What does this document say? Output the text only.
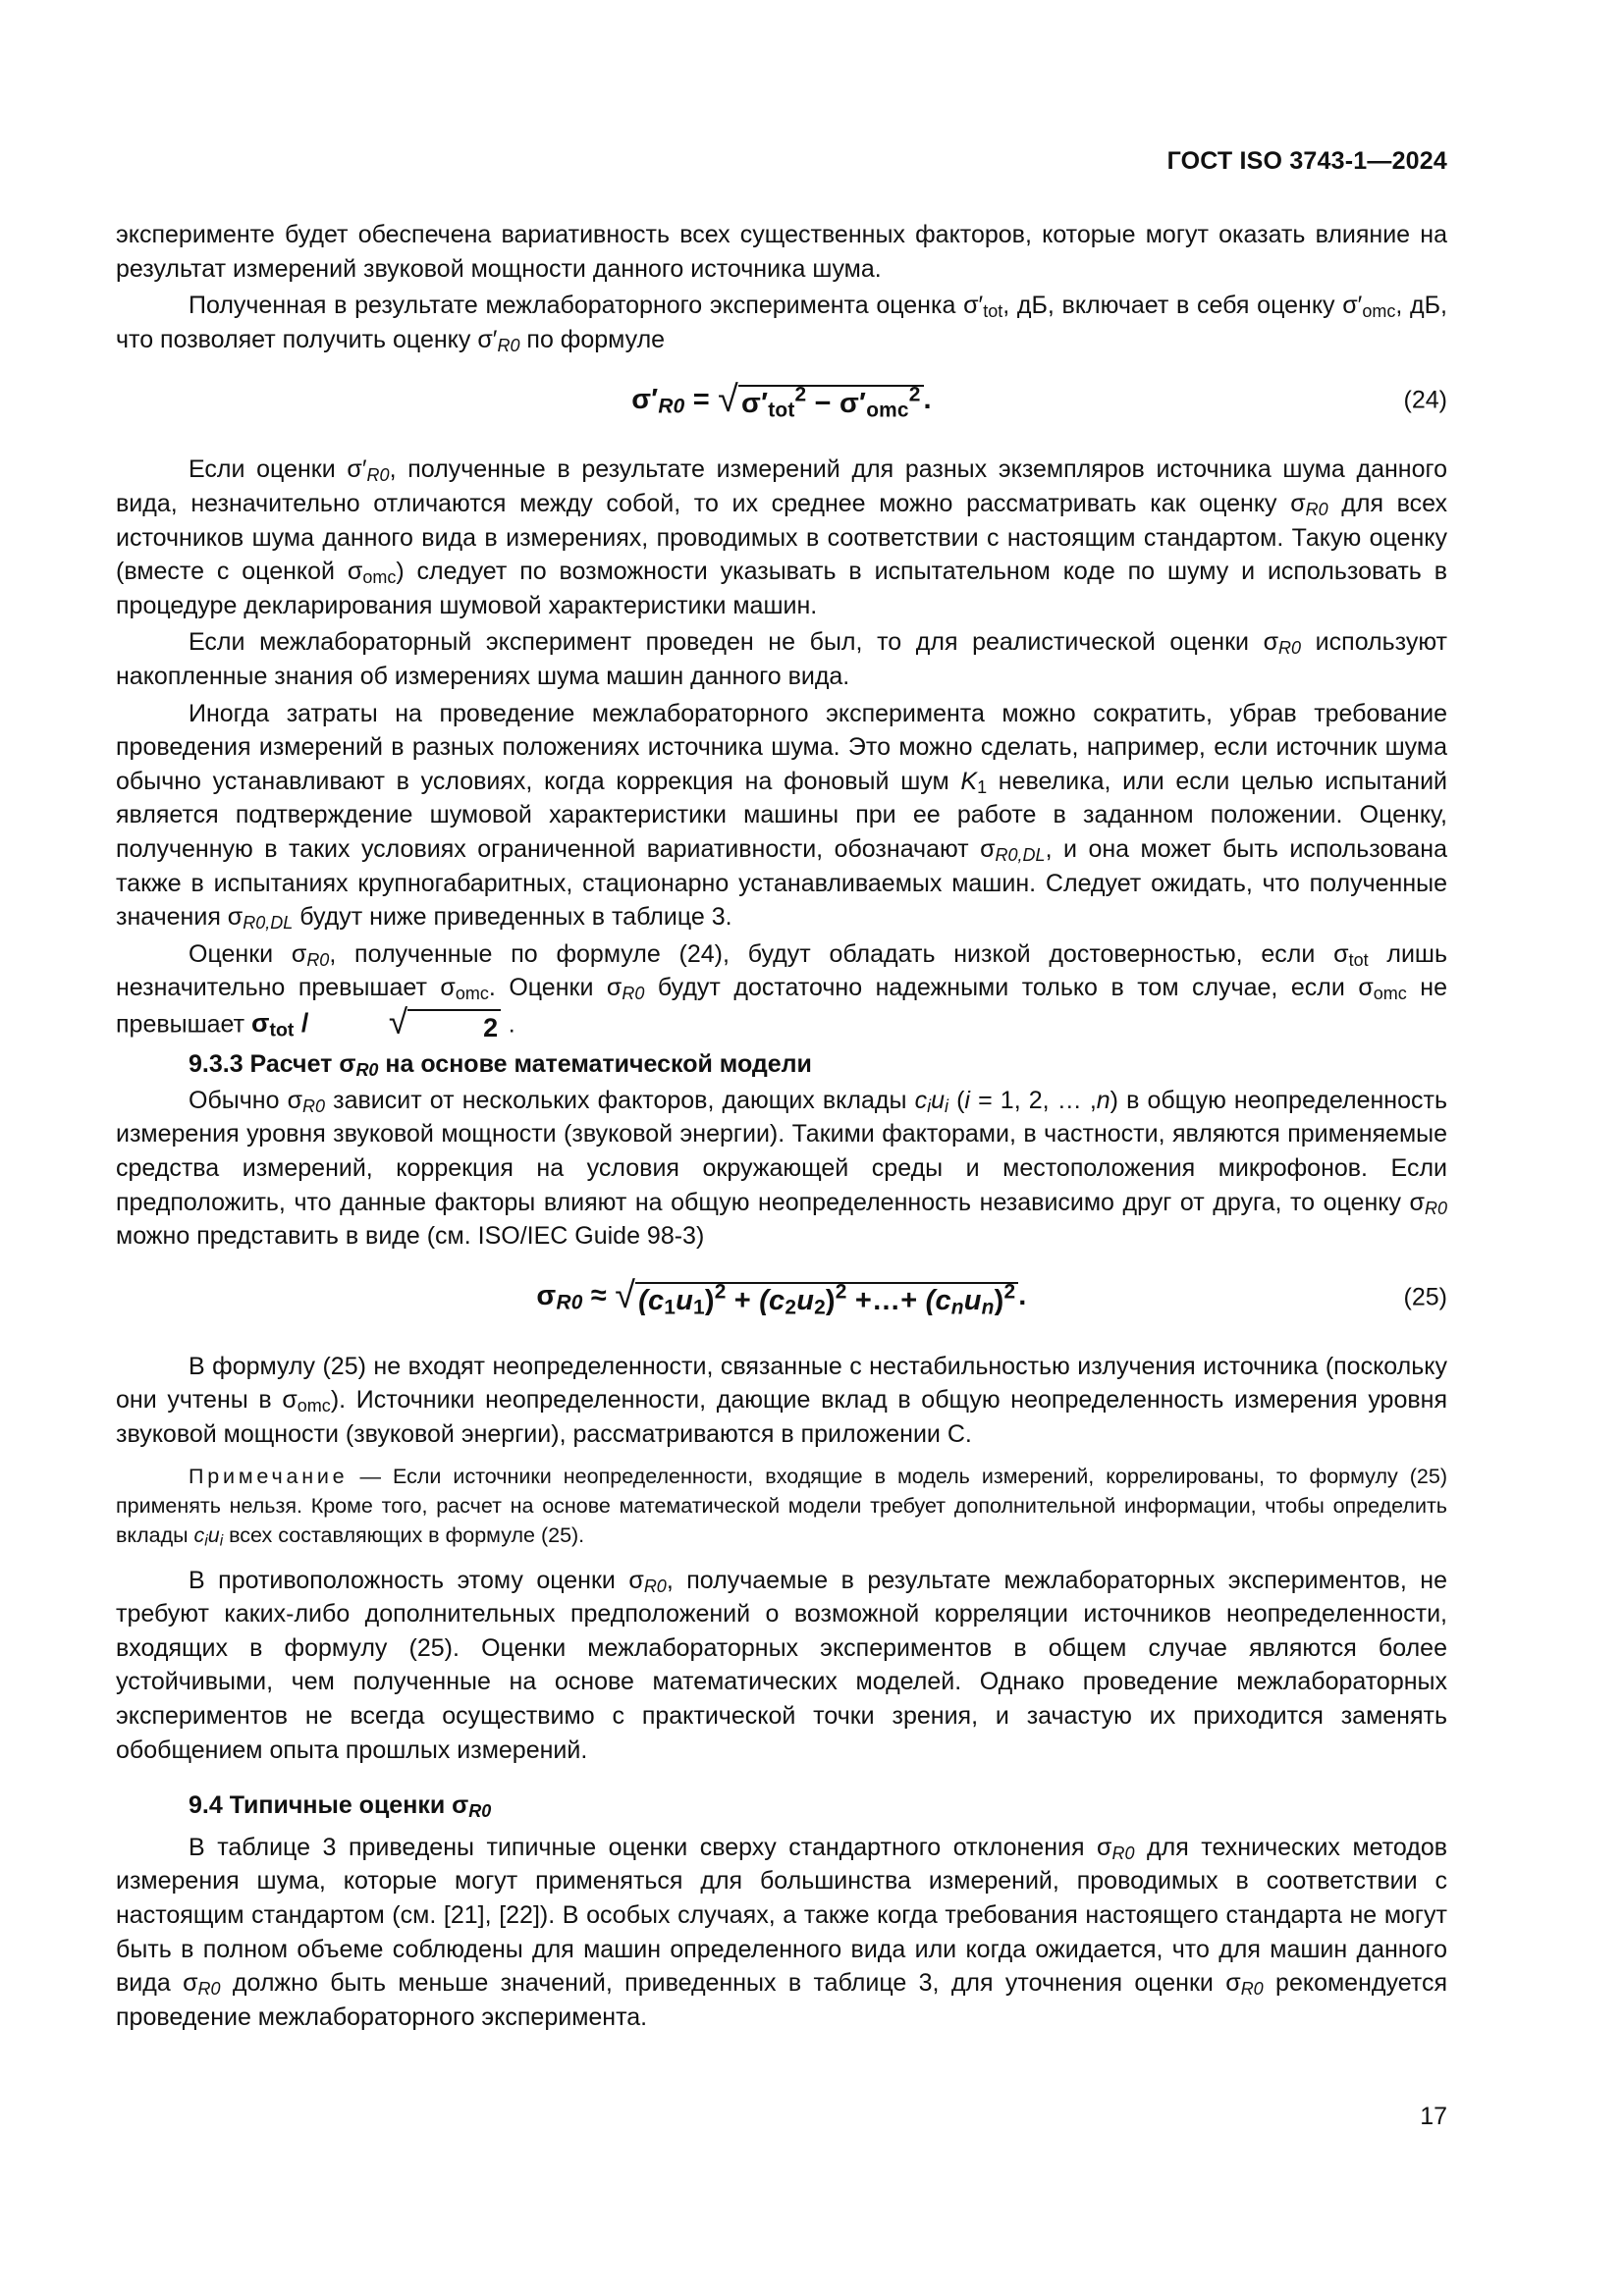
ГОСТ ISO 3743-1—2024

эксперименте будет обеспечена вариативность всех существенных факторов, которые могут оказать влияние на результат измерений звуковой мощности данного источника шума.

Полученная в результате межлабораторного эксперимента оценка $\sigma'_{tot}$, дБ, включает в себя оценку $\sigma'_{omc}$, дБ, что позволяет получить оценку $\sigma'_{R0}$ по формуле

$\sigma'_{R0}$ = √ $\sigma'_{tot}^2 - \sigma'_{omc}^2$ .	(24)

Если оценки $\sigma'_{R0}$, полученные в результате измерений для разных экземпляров источника шума данного вида, незначительно отличаются между собой, то их среднее можно рассматривать как оценку $\sigma_{R0}$ для всех источников шума данного вида в измерениях, проводимых в соответствии с настоящим стандартом. Такую оценку (вместе с оценкой $\sigma_{omc}$) следует по возможности указывать в испытательном коде по шуму и использовать в процедуре декларирования шумовой характеристики машин.

Если межлабораторный эксперимент проведен не был, то для реалистической оценки $\sigma_{R0}$ используют накопленные знания об измерениях шума машин данного вида.

Иногда затраты на проведение межлабораторного эксперимента можно сократить, убрав требование проведения измерений в разных положениях источника шума. Это можно сделать, например, если источник шума обычно устанавливают в условиях, когда коррекция на фоновый шум $K_1$ невелика, или если целью испытаний является подтверждение шумовой характеристики машины при ее работе в заданном положении. Оценку, полученную в таких условиях ограниченной вариативности, обозначают $\sigma_{R0,DL}$, и она может быть использована также в испытаниях крупногабаритных, стационарно устанавливаемых машин. Следует ожидать, что полученные значения $\sigma_{R0,DL}$ будут ниже приведенных в таблице 3.

Оценки $\sigma_{R0}$, полученные по формуле (24), будут обладать низкой достоверностью, если $\sigma_{tot}$ лишь незначительно превышает $\sigma_{omc}$. Оценки $\sigma_{R0}$ будут достаточно надежными только в том случае, если $\sigma_{omc}$ не превышает $\sigma_{tot}$ /	√	2 .

9.3.3 Расчет $\sigma_{R0}$ на основе математической модели

Обычно $\sigma_{R0}$ зависит от нескольких факторов, дающих вклады $c_iu_i$ (i = 1, 2, … ,n) в общую неопределенность измерения уровня звуковой мощности (звуковой энергии). Такими факторами, в частности, являются применяемые средства измерений, коррекция на условия окружающей среды и местоположения микрофонов. Если предположить, что данные факторы влияют на общую неопределенность независимо друг от друга, то оценку $\sigma_{R0}$ можно представить в виде (см. ISO/IEC Guide 98-3)

$\sigma_{R0}$ ≈ √ $(c_1u_1)^2 + (c_2u_2)^2$ +…+ $(c_nu_n)^2$ .	(25)

В формулу (25) не входят неопределенности, связанные с нестабильностью излучения источника (поскольку они учтены в $\sigma_{omc}$). Источники неопределенности, дающие вклад в общую неопределенность измерения уровня звуковой мощности (звуковой энергии), рассматриваются в приложении С.

Примечание — Если источники неопределенности, входящие в модель измерений, коррелированы, то формулу (25) применять нельзя. Кроме того, расчет на основе математической модели требует дополнительной информации, чтобы определить вклады $c_iu_i$ всех составляющих в формуле (25).

В противоположность этому оценки $\sigma_{R0}$, получаемые в результате межлабораторных экспериментов, не требуют каких-либо дополнительных предположений о возможной корреляции источников неопределенности, входящих в формулу (25). Оценки межлабораторных экспериментов в общем случае являются более устойчивыми, чем полученные на основе математических моделей. Однако проведение межлабораторных экспериментов не всегда осуществимо с практической точки зрения, и зачастую их приходится заменять обобщением опыта прошлых измерений.

9.4 Типичные оценки $\sigma_{R0}$

В таблице 3 приведены типичные оценки сверху стандартного отклонения $\sigma_{R0}$ для технических методов измерения шума, которые могут применяться для большинства измерений, проводимых в соответствии с настоящим стандартом (см. [21], [22]). В особых случаях, а также когда требования настоящего стандарта не могут быть в полном объеме соблюдены для машин определенного вида или когда ожидается, что для машин данного вида $\sigma_{R0}$ должно быть меньше значений, приведенных в таблице 3, для уточнения оценки $\sigma_{R0}$ рекомендуется проведение межлабораторного эксперимента.

17
